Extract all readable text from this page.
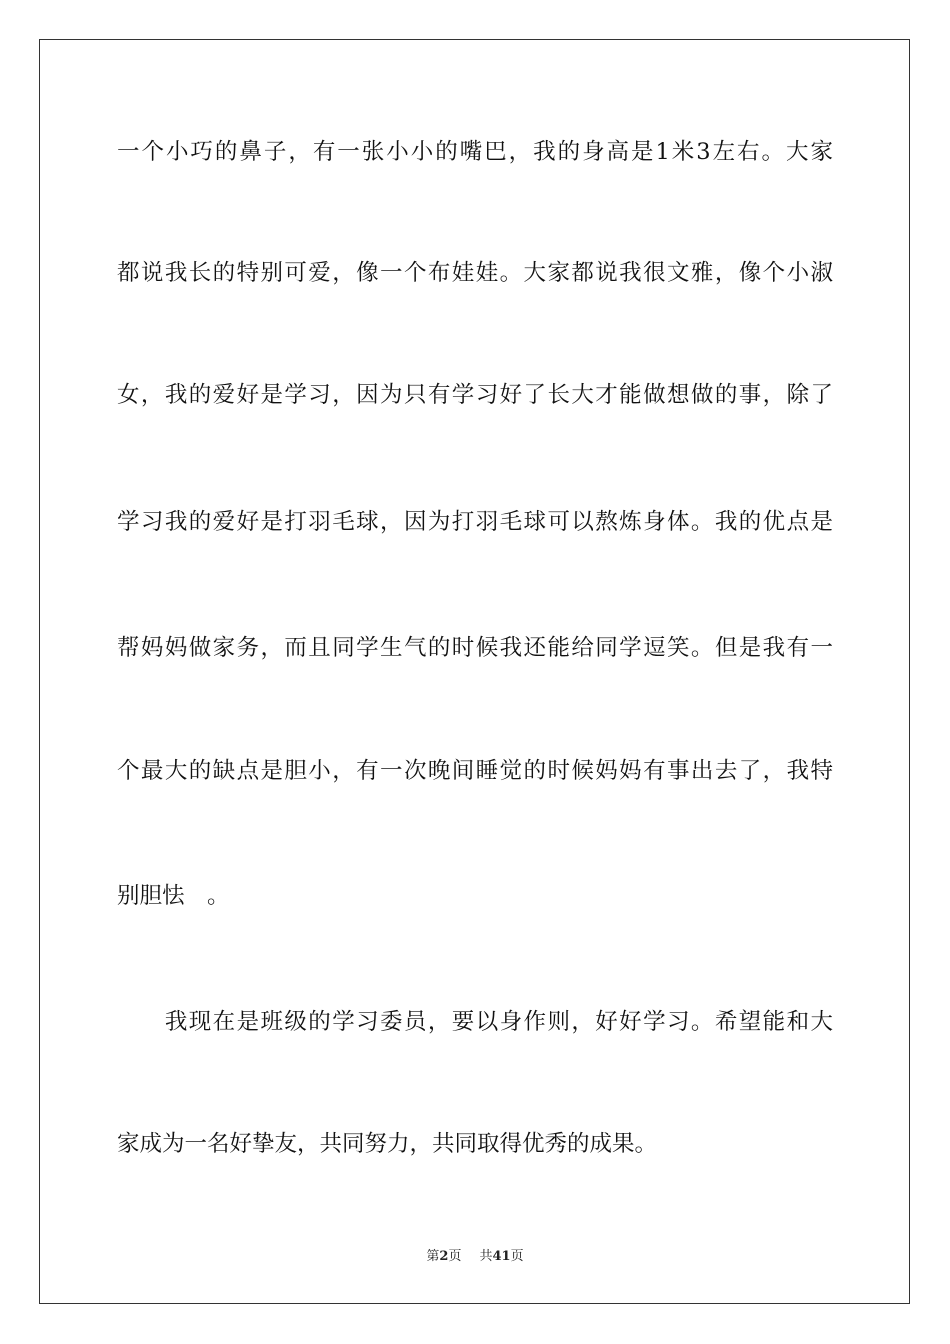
一个小巧的鼻子，有一张小小的嘴巴，我的身高是1米3左右。大家
都说我长的特别可爱，像一个布娃娃。大家都说我很文雅，像个小淑
女，我的爱好是学习，因为只有学习好了长大才能做想做的事，除了
学习我的爱好是打羽毛球，因为打羽毛球可以熬炼身体。我的优点是
帮妈妈做家务，而且同学生气的时候我还能给同学逗笑。但是我有一
个最大的缺点是胆小，有一次晚间睡觉的时候妈妈有事出去了，我特
别胆怯　。
　　我现在是班级的学习委员，要以身作则，好好学习。希望能和大
家成为一名好挚友，共同努力，共同取得优秀的成果。
第2页 共41页
